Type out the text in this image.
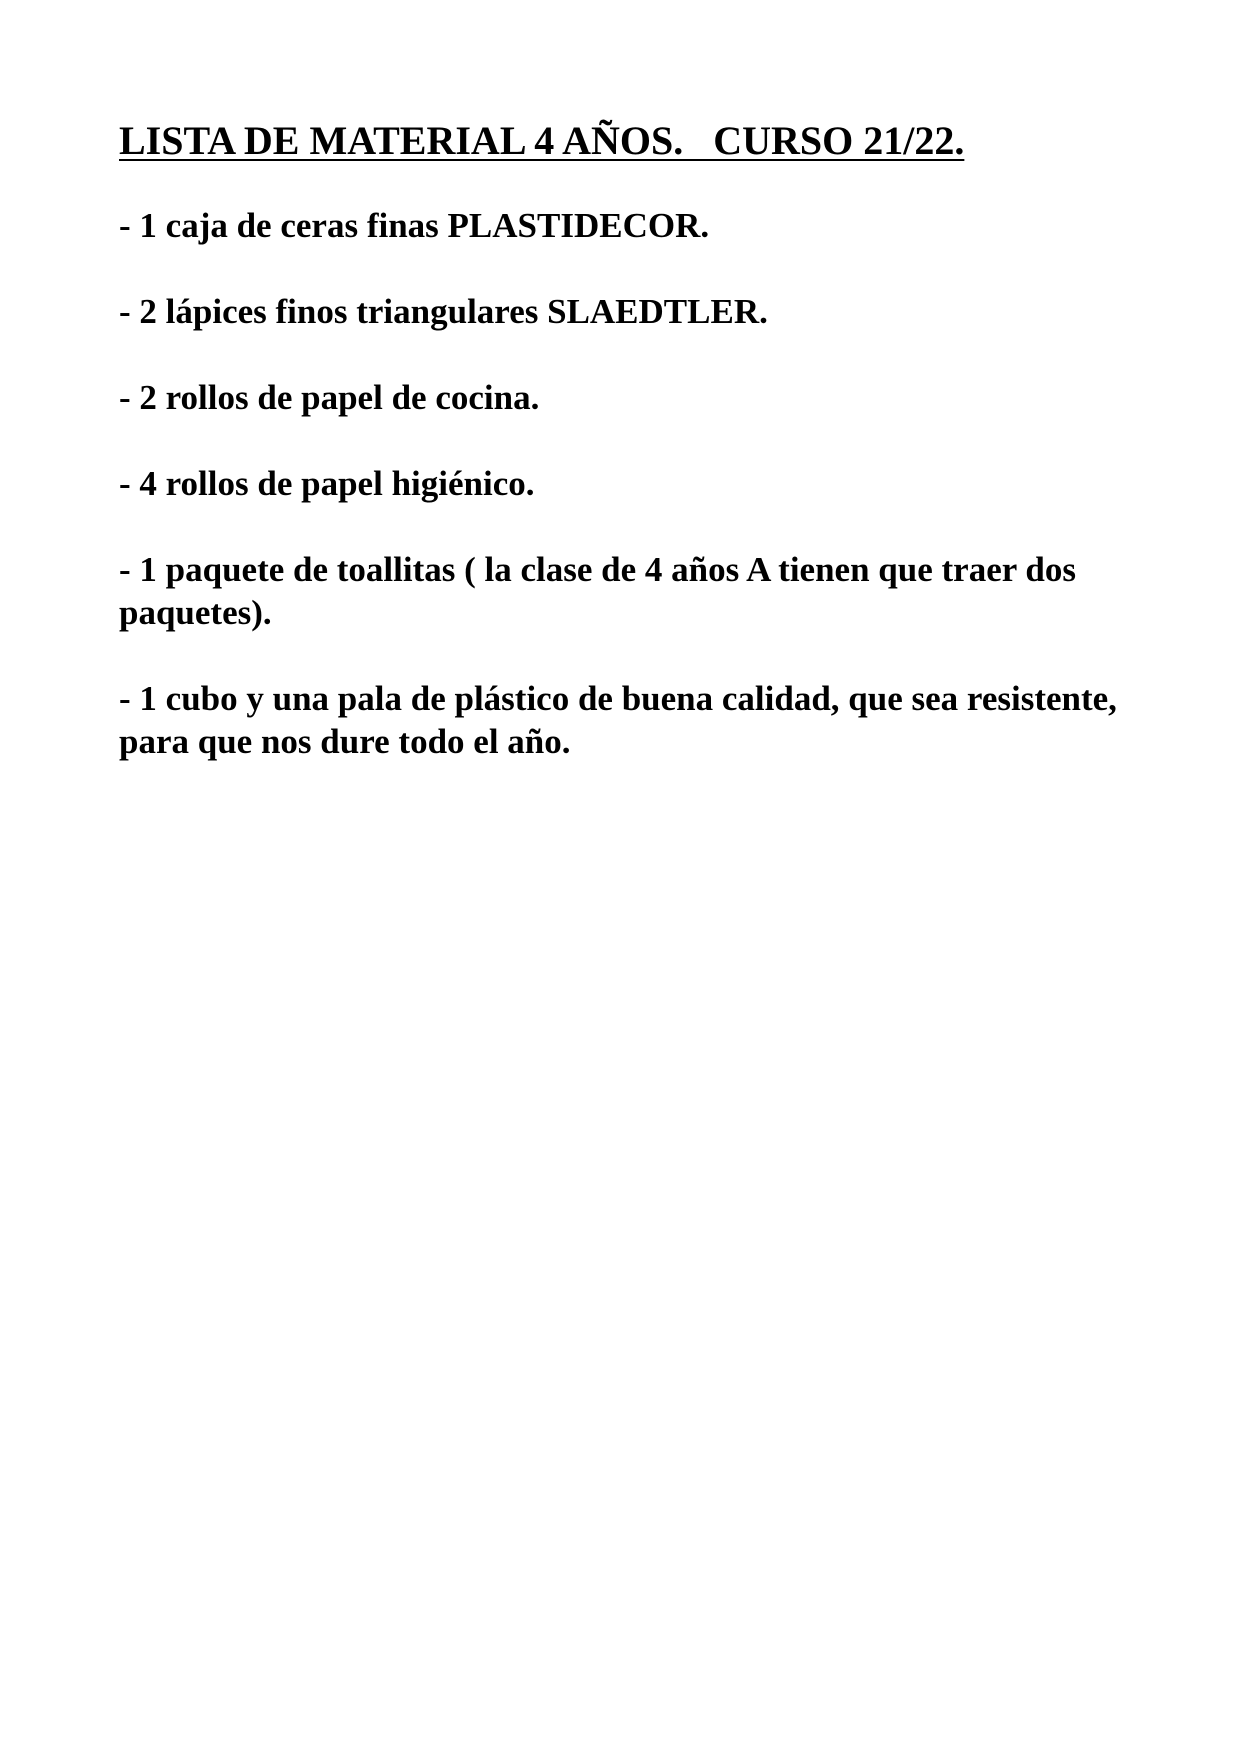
LISTA DE MATERIAL 4 AÑOS.   CURSO 21/22.
- 1 caja de ceras finas PLASTIDECOR.
- 2 lápices finos triangulares SLAEDTLER.
- 2 rollos de papel de cocina.
- 4 rollos de papel higiénico.
- 1 paquete de toallitas ( la clase de 4 años A tienen que traer dos paquetes).
- 1 cubo y una pala de plástico de buena calidad, que sea resistente, para que nos dure todo el año.
